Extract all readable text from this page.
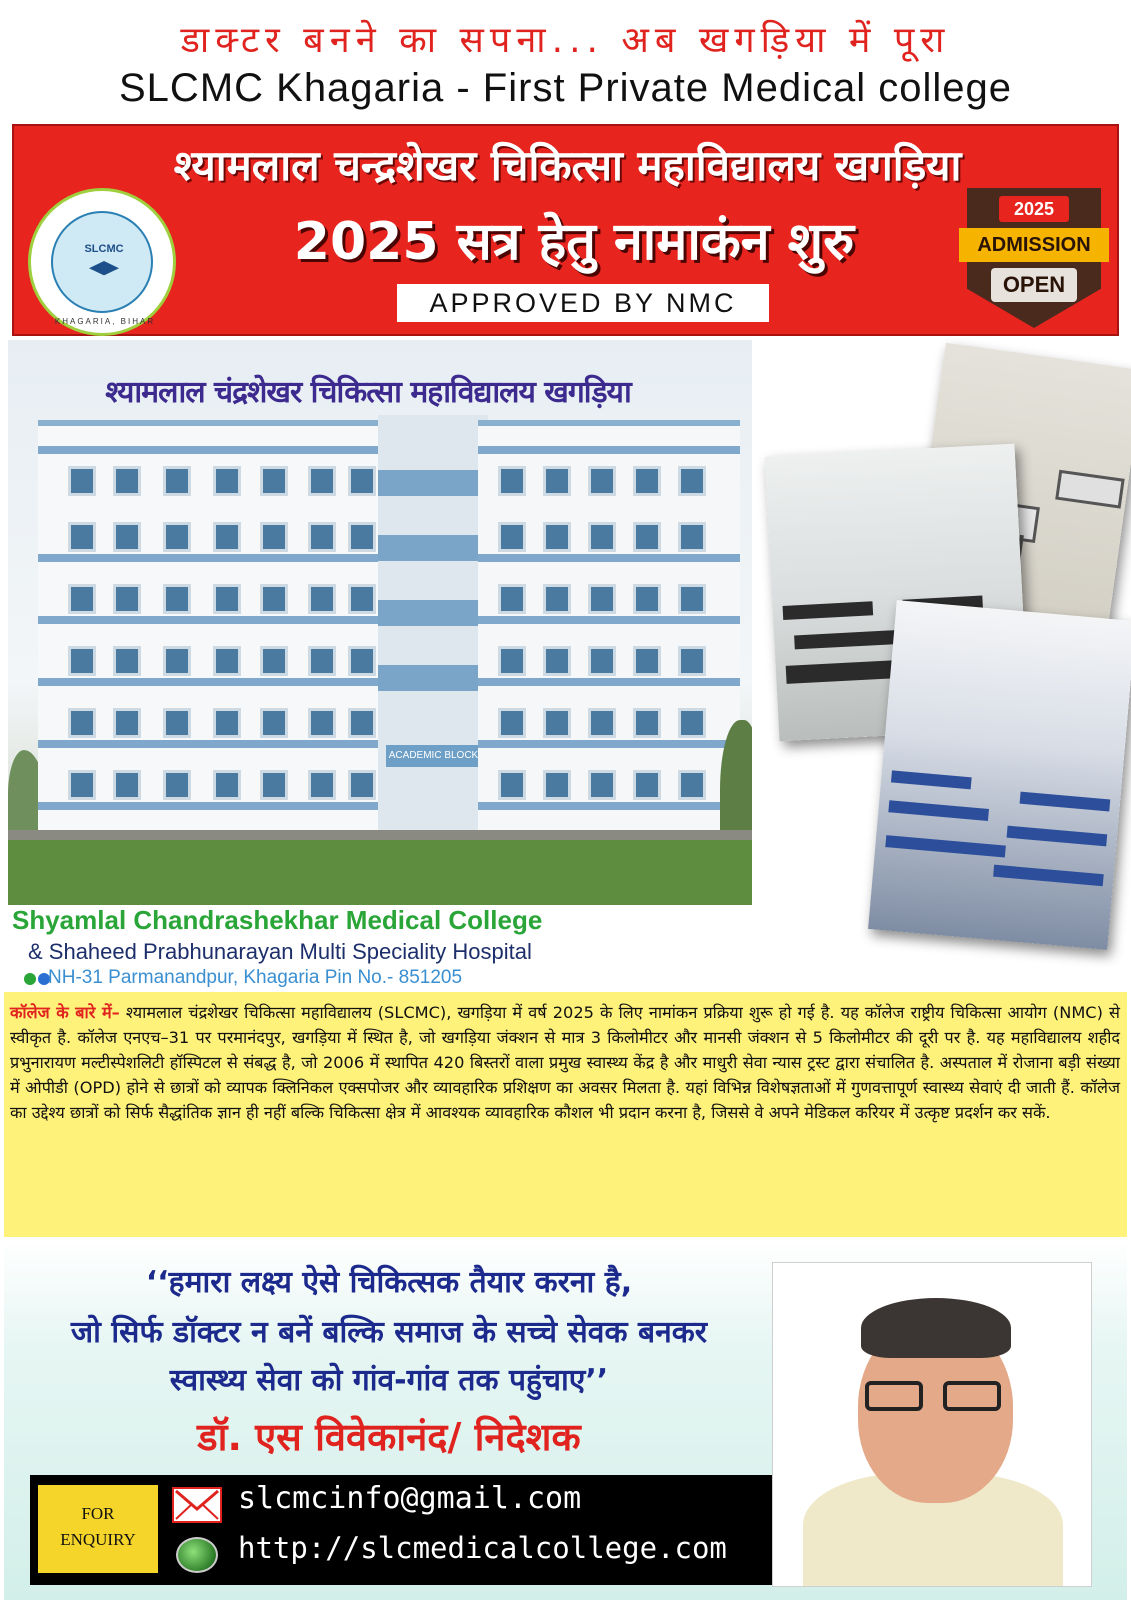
डाक्टर बनने का सपना... अब खगड़िया में पूरा
SLCMC Khagaria - First Private Medical college
श्यामलाल चन्द्रशेखर चिकित्सा महाविद्यालय खगड़िया
SLCMC
KHAGARIA, BIHAR
2025 सत्र हेतु नामाकंन शुरु
APPROVED BY NMC
2025
ADMISSION
OPEN
श्यामलाल चंद्रशेखर चिकित्सा महाविद्यालय खगड़िया
ACADEMIC BLOCK
Shyamlal Chandrashekhar Medical College
& Shaheed Prabhunarayan Multi Speciality Hospital
NH-31 Parmanandpur, Khagaria Pin No.- 851205
कॉलेज के बारे में– श्यामलाल चंद्रशेखर चिकित्सा महाविद्यालय (SLCMC), खगड़िया में वर्ष 2025 के लिए नामांकन प्रक्रिया शुरू हो गई है. यह कॉलेज राष्ट्रीय चिकित्सा आयोग (NMC) से स्वीकृत है. कॉलेज एनएच–31 पर परमानंदपुर, खगड़िया में स्थित है, जो खगड़िया जंक्शन से मात्र 3 किलोमीटर और मानसी जंक्शन से 5 किलोमीटर की दूरी पर है. यह महाविद्यालय शहीद प्रभुनारायण मल्टीस्पेशलिटी हॉस्पिटल से संबद्ध है, जो 2006 में स्थापित 420 बिस्तरों वाला प्रमुख स्वास्थ्य केंद्र है और माधुरी सेवा न्यास ट्रस्ट द्वारा संचालित है. अस्पताल में रोजाना बड़ी संख्या में ओपीडी (OPD) होने से छात्रों को व्यापक क्लिनिकल एक्सपोजर और व्यावहारिक प्रशिक्षण का अवसर मिलता है. यहां विभिन्न विशेषज्ञताओं में गुणवत्तापूर्ण स्वास्थ्य सेवाएं दी जाती हैं. कॉलेज का उद्देश्य छात्रों को सिर्फ सैद्धांतिक ज्ञान ही नहीं बल्कि चिकित्सा क्षेत्र में आवश्यक व्यावहारिक कौशल भी प्रदान करना है, जिससे वे अपने मेडिकल करियर में उत्कृष्ट प्रदर्शन कर सकें.
‘‘हमारा लक्ष्य ऐसे चिकित्सक तैयार करना है,
जो सिर्फ डॉक्टर न बनें बल्कि समाज के सच्चे सेवक बनकर
स्वास्थ्य सेवा को गांव-गांव तक पहुंचाए’’
डॉ. एस विवेकानंद/ निदेशक
FOR
ENQUIRY
slcmcinfo@gmail.com
http://slcmedicalcollege.com
